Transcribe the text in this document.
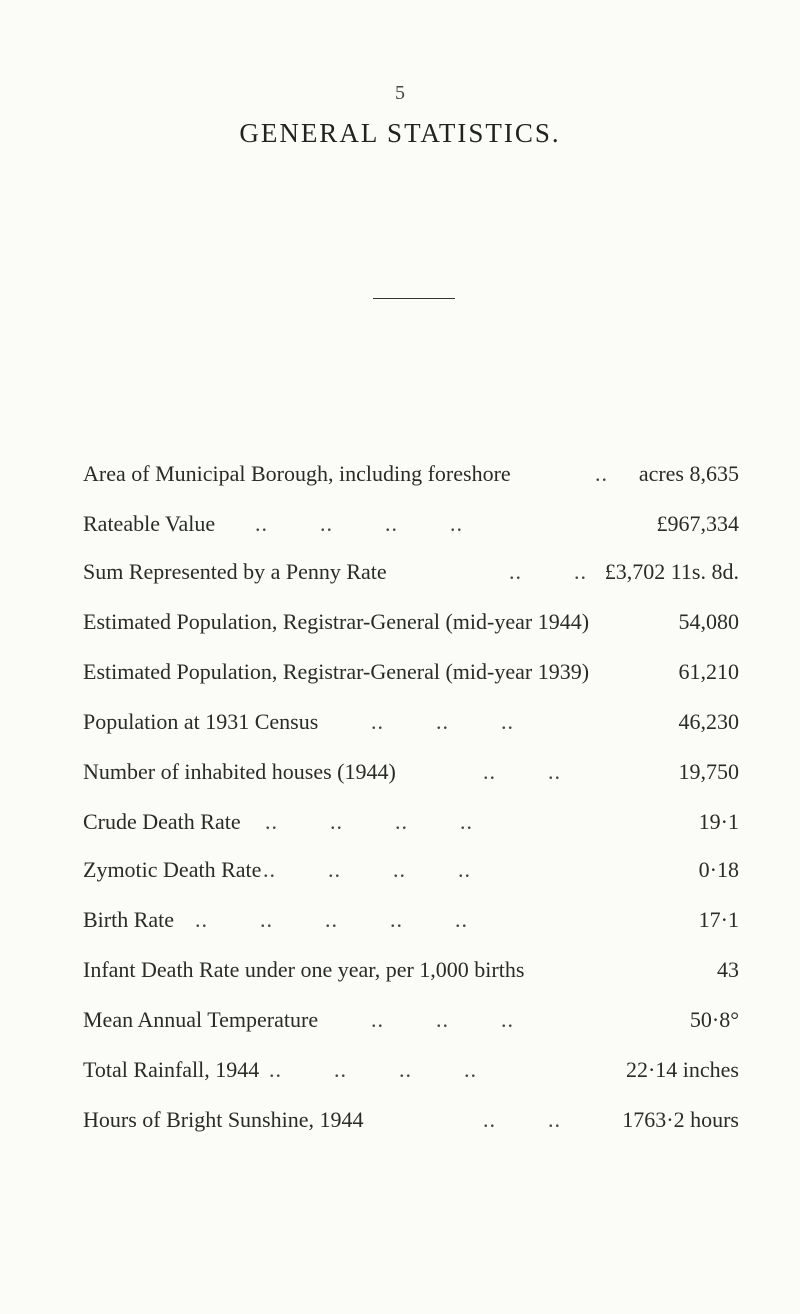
5
GENERAL STATISTICS.
Area of Municipal Borough, including foreshore	.. acres 8,635
Rateable Value ..        ..        ..        ..	£967,334
Sum Represented by a Penny Rate	..        .. £3,702 11s. 8d.
Estimated Population, Registrar-General (mid-year 1944)	54,080
Estimated Population, Registrar-General (mid-year 1939)	61,210
Population at 1931 Census ..        ..        ..	46,230
Number of inhabited houses (1944)	..        ..	19,750
Crude Death Rate ..        ..        ..        ..	19·1
Zymotic Death Rate ..        ..        ..        ..	0·18
Birth Rate ..        ..        ..        ..        ..	17·1
Infant Death Rate under one year, per 1,000 births	43
Mean Annual Temperature ..        ..        ..	50·8°
Total Rainfall, 1944 ..        ..        ..        ..	22·14 inches
Hours of Bright Sunshine, 1944	..        ..	1763·2 hours
